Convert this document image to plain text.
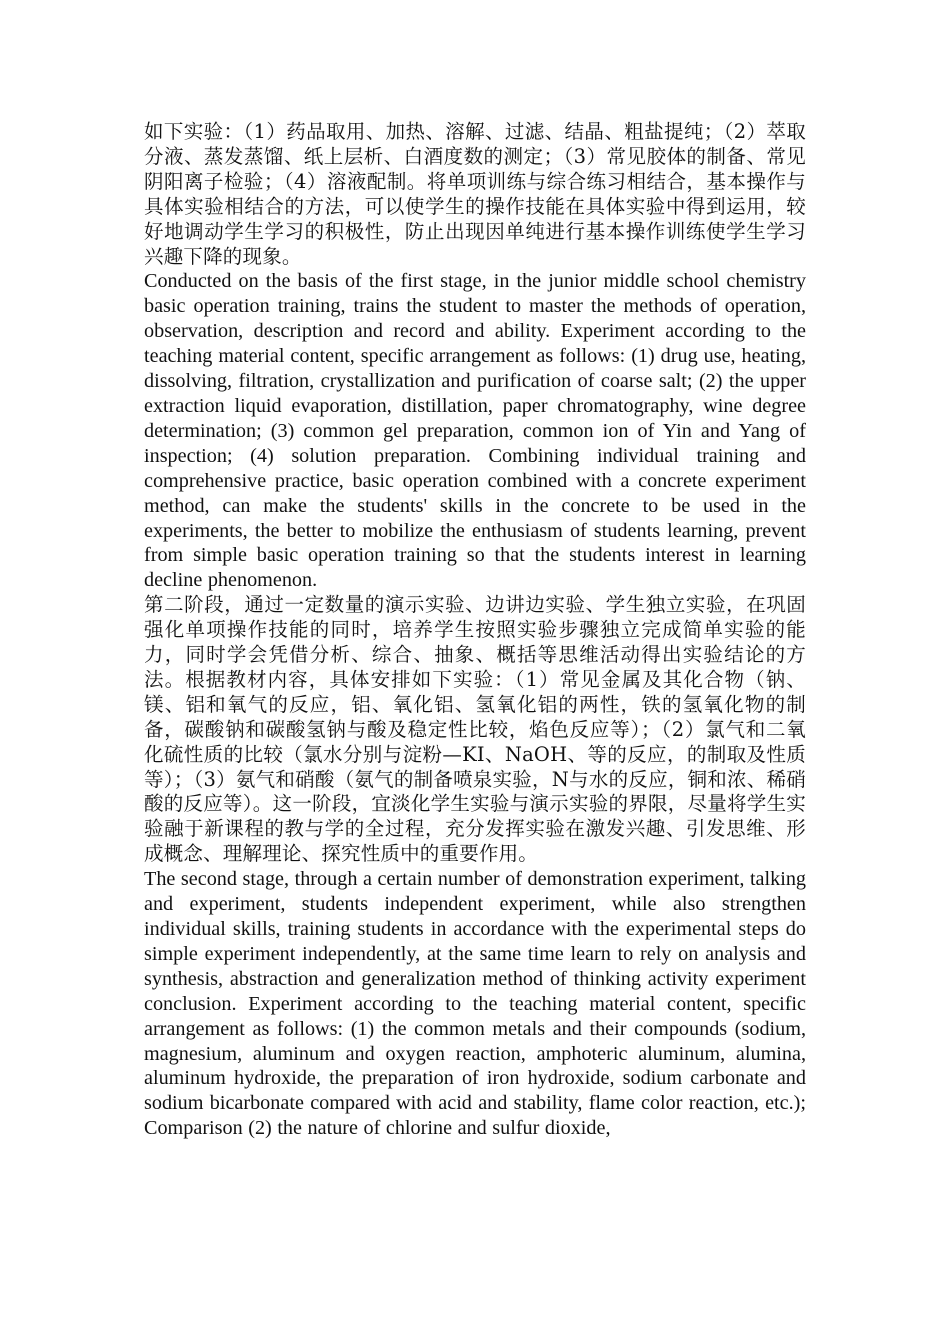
如下实验：（1）药品取用、加热、溶解、过滤、结晶、粗盐提纯；（2）萃取分液、蒸发蒸馏、纸上层析、白酒度数的测定；（3）常见胶体的制备、常见阴阳离子检验；（4）溶液配制。将单项训练与综合练习相结合，基本操作与具体实验相结合的方法，可以使学生的操作技能在具体实验中得到运用，较好地调动学生学习的积极性，防止出现因单纯进行基本操作训练使学生学习兴趣下降的现象。

Conducted on the basis of the first stage, in the junior middle school chemistry basic operation training, trains the student to master the methods of operation, observation, description and record and ability. Experiment according to the teaching material content, specific arrangement as follows: (1) drug use, heating, dissolving, filtration, crystallization and purification of coarse salt; (2) the upper extraction liquid evaporation, distillation, paper chromatography, wine degree determination; (3) common gel preparation, common ion of Yin and Yang of inspection; (4) solution preparation. Combining individual training and comprehensive practice, basic operation combined with a concrete experiment method, can make the students' skills in the concrete to be used in the experiments, the better to mobilize the enthusiasm of students learning, prevent from simple basic operation training so that the students interest in learning decline phenomenon.

第二阶段，通过一定数量的演示实验、边讲边实验、学生独立实验，在巩固强化单项操作技能的同时，培养学生按照实验步骤独立完成简单实验的能力，同时学会凭借分析、综合、抽象、概括等思维活动得出实验结论的方法。根据教材内容，具体安排如下实验：（1）常见金属及其化合物（钠、镁、铝和氧气的反应，铝、氧化铝、氢氧化铝的两性，铁的氢氧化物的制备，碳酸钠和碳酸氢钠与酸及稳定性比较，焰色反应等）；（2）氯气和二氧化硫性质的比较（氯水分别与淀粉—KI、NaOH、等的反应，的制取及性质等）；（3）氨气和硝酸（氨气的制备喷泉实验，N与水的反应，铜和浓、稀硝酸的反应等）。这一阶段，宜淡化学生实验与演示实验的界限，尽量将学生实验融于新课程的教与学的全过程，充分发挥实验在激发兴趣、引发思维、形成概念、理解理论、探究性质中的重要作用。

The second stage, through a certain number of demonstration experiment, talking and experiment, students independent experiment, while also strengthen individual skills, training students in accordance with the experimental steps do simple experiment independently, at the same time learn to rely on analysis and synthesis, abstraction and generalization method of thinking activity experiment conclusion. Experiment according to the teaching material content, specific arrangement as follows: (1) the common metals and their compounds (sodium, magnesium, aluminum and oxygen reaction, amphoteric aluminum, alumina, aluminum hydroxide, the preparation of iron hydroxide, sodium carbonate and sodium bicarbonate compared with acid and stability, flame color reaction, etc.); Comparison (2) the nature of chlorine and sulfur dioxide,
